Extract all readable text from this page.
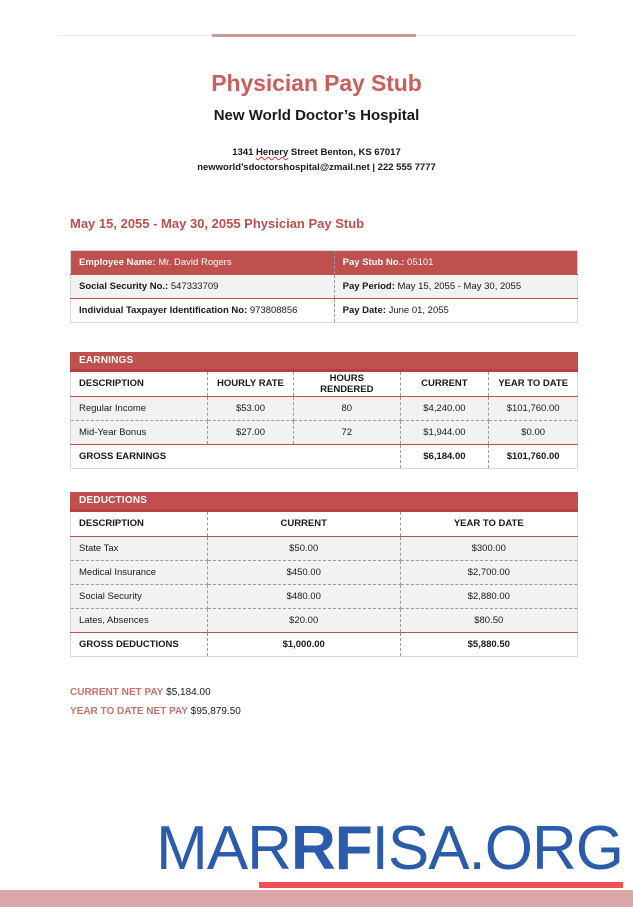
Physician Pay Stub
New World Doctor’s Hospital
1341 Henery Street Benton, KS 67017
newworld’sdoctorshospital@zmail.net | 222 555 7777
May 15, 2055 - May 30, 2055 Physician Pay Stub
Employee Name: Mr. David Rogers	Pay Stub No.: 05101
Social Security No.: 547333709	Pay Period: May 15, 2055 - May 30, 2055
Individual Taxpayer Identification No: 973808856	Pay Date: June 01, 2055
EARNINGS
DESCRIPTION	HOURLY RATE	HOURS RENDERED	CURRENT	YEAR TO DATE
Regular Income	$53.00	80	$4,240.00	$101,760.00
Mid-Year Bonus	$27.00	72	$1,944.00	$0.00
GROSS EARNINGS			$6,184.00	$101,760.00
DEDUCTIONS
DESCRIPTION	CURRENT	YEAR TO DATE
State Tax	$50.00	$300.00
Medical Insurance	$450.00	$2,700.00
Social Security	$480.00	$2,880.00
Lates, Absences	$20.00	$80.50
GROSS DEDUCTIONS	$1,000.00	$5,880.50
CURRENT NET PAY $5,184.00
YEAR TO DATE NET PAY $95,879.50
MARRFISA.ORG
